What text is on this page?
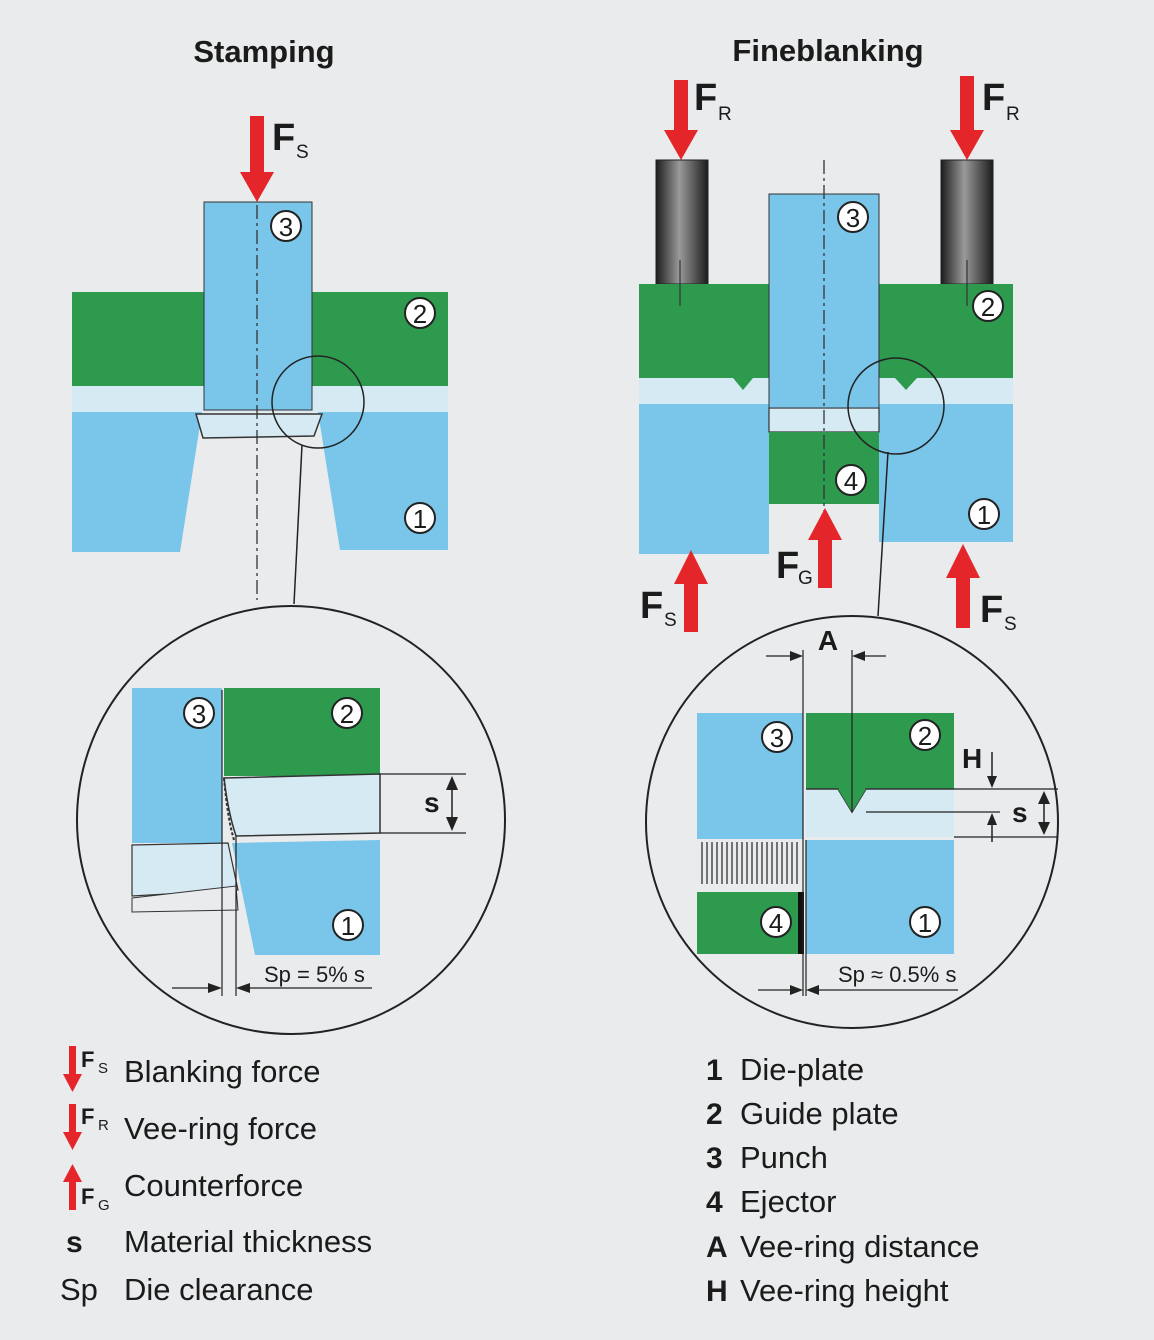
Stamping	Fineblanking
F S
3
2
1
Sp = 5% s
s
3	2
1
F R	F R
F
G
F S	F S
3
2
4
1
A
Sp ≈ 0.5% s
s
H
3	2
4	1
F S Blanking force
F R Vee-ring force
F G
Counterforce
s Material thickness
Sp Die clearance
1 Die-plate
2 Guide plate
3 Punch
4 Ejector
A Vee-ring distance
H Vee-ring height
